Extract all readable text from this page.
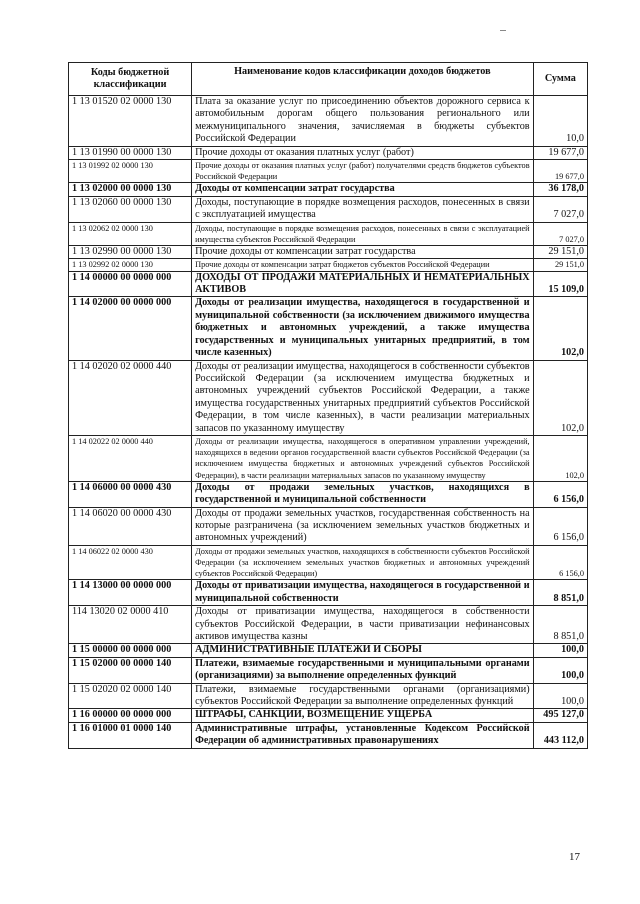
Коды бюджетной классификации	Наименование кодов классификации доходов бюджетов	Сумма
1 13 01520 02 0000 130	Плата за оказание услуг по присоединению объектов дорожного сервиса к автомобильным дорогам общего пользования регионального или межмуниципального значения, зачисляемая в бюджеты субъектов Российской Федерации	10,0
1 13 01990 00 0000 130	Прочие доходы от оказания платных услуг (работ)	19 677,0
1 13 01992 02 0000 130	Прочие доходы от оказания платных услуг (работ) получателями средств бюджетов субъектов Российской Федерации	19 677,0
1 13 02000 00 0000 130	Доходы от компенсации затрат государства	36 178,0
1 13 02060 00 0000 130	Доходы, поступающие в порядке возмещения расходов, понесенных в связи с эксплуатацией имущества	7 027,0
1 13 02062 02 0000 130	Доходы, поступающие в порядке возмещения расходов, понесенных в связи с эксплуатацией имущества субъектов Российской Федерации	7 027,0
1 13 02990 00 0000 130	Прочие доходы от компенсации затрат государства	29 151,0
1 13 02992 02 0000 130	Прочие доходы от компенсации затрат бюджетов субъектов Российской Федерации	29 151,0
1 14 00000 00 0000 000	ДОХОДЫ ОТ ПРОДАЖИ МАТЕРИАЛЬНЫХ И НЕМАТЕРИАЛЬНЫХ АКТИВОВ	15 109,0
1 14 02000 00 0000 000	Доходы от реализации имущества, находящегося в государственной и муниципальной собственности (за исключением движимого имущества бюджетных и автономных учреждений, а также имущества государственных и муниципальных унитарных предприятий, в том числе казенных)	102,0
1 14 02020 02 0000 440	Доходы от реализации имущества, находящегося в собственности субъектов Российской Федерации (за исключением имущества бюджетных и автономных учреждений субъектов Российской Федерации, а также имущества государственных унитарных предприятий субъектов Российской Федерации, в том числе казенных), в части реализации материальных запасов по указанному имуществу	102,0
1 14 02022 02 0000 440	Доходы от реализации имущества, находящегося в оперативном управлении учреждений, находящихся в ведении органов государственной власти субъектов Российской Федерации (за исключением имущества бюджетных и автономных учреждений субъектов Российской Федерации), в части реализации материальных запасов по указанному имуществу	102,0
1 14 06000 00 0000 430	Доходы от продажи земельных участков, находящихся в государственной и муниципальной собственности	6 156,0
1 14 06020 00 0000 430	Доходы от продажи земельных участков, государственная собственность на которые разграничена (за исключением земельных участков бюджетных и автономных учреждений)	6 156,0
1 14 06022 02 0000 430	Доходы от продажи земельных участков, находящихся в собственности субъектов Российской Федерации (за исключением земельных участков бюджетных и автономных учреждений субъектов Российской Федерации)	6 156,0
1 14 13000 00 0000 000	Доходы от приватизации имущества, находящегося в государственной и муниципальной собственности	8 851,0
114 13020 02 0000 410	Доходы от приватизации имущества, находящегося в собственности субъектов Российской Федерации, в части приватизации нефинансовых активов имущества казны	8 851,0
1 15 00000 00 0000 000	АДМИНИСТРАТИВНЫЕ ПЛАТЕЖИ И СБОРЫ	100,0
1 15 02000 00 0000 140	Платежи, взимаемые государственными и муниципальными органами (организациями) за выполнение определенных функций	100,0
1 15 02020 02 0000 140	Платежи, взимаемые государственными органами (организациями) субъектов Российской Федерации за выполнение определенных функций	100,0
1 16 00000 00 0000 000	ШТРАФЫ, САНКЦИИ, ВОЗМЕЩЕНИЕ УЩЕРБА	495 127,0
1 16 01000 01 0000 140	Административные штрафы, установленные Кодексом Российской Федерации об административных правонарушениях	443 112,0
17
